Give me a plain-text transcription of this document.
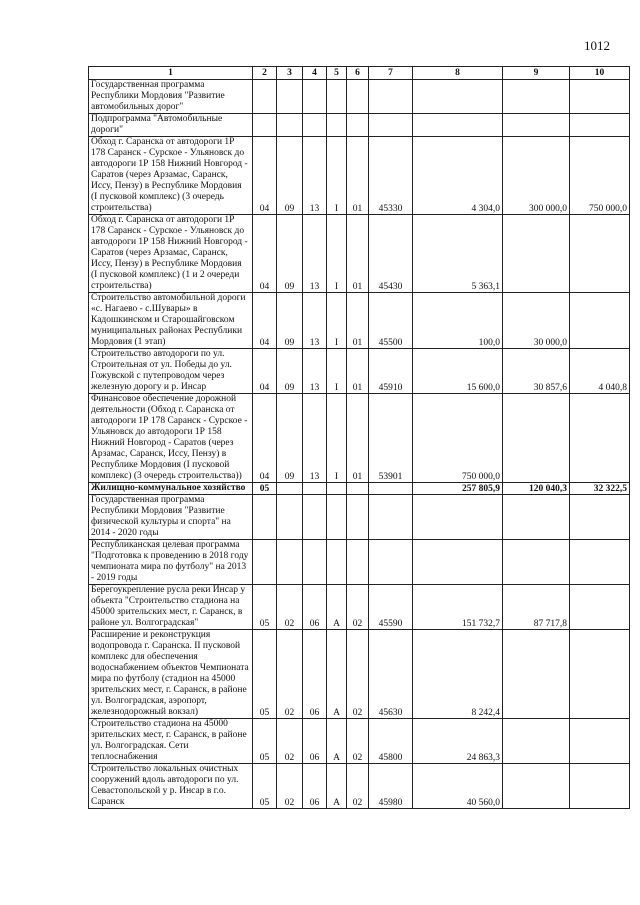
1012
1	2	3	4	5	6	7	8	9	10
Государственная программа Республики Мордовия "Развитие автомобильных дорог"									
Подпрограмма "Автомобильные дороги"									
Обход г. Саранска от автодороги 1Р 178 Саранск - Сурское - Ульяновск до автодороги 1Р 158 Нижний Новгород - Саратов (через Арзамас, Саранск, Иссу, Пензу) в Республике Мордовия (I пусковой комплекс) (3 очередь строительства)	04	09	13	I	01	45330	4 304,0	300 000,0	750 000,0
Обход г. Саранска от автодороги 1Р 178 Саранск - Сурское - Ульяновск до автодороги 1Р 158 Нижний Новгород - Саратов (через Арзамас, Саранск, Иссу, Пензу) в Республике Мордовия (I пусковой комплекс) (1 и 2 очереди строительства)	04	09	13	I	01	45430	5 363,1		
Строительство автомобильной дороги «с. Нагаево - с.Шувары» в Кадошкинском и Старошайговском муниципальных районах Республики Мордовия (1 этап)	04	09	13	I	01	45500	100,0	30 000,0	
Строительство автодороги по ул. Строительная от ул. Победы до ул. Гожувской с путепроводом через железную дорогу и р. Инсар	04	09	13	I	01	45910	15 600,0	30 857,6	4 040,8
Финансовое обеспечение дорожной деятельности (Обход г. Саранска от автодороги 1Р 178 Саранск - Сурское - Ульяновск до автодороги 1Р 158 Нижний Новгород - Саратов (через Арзамас, Саранск, Иссу, Пензу) в Республике Мордовия (I пусковой комплекс) (3 очередь строительства))	04	09	13	I	01	53901	750 000,0		
Жилищно-коммунальное хозяйство	05						257 805,9	120 040,3	32 322,5
Государственная программа Республики Мордовия "Развитие физической культуры и спорта" на 2014 - 2020 годы									
Республиканская целевая программа "Подготовка к проведению в 2018 году чемпионата мира по футболу" на 2013 - 2019 годы									
Берегоукрепление русла реки Инсар у объекта "Строительство стадиона на 45000 зрительских мест, г. Саранск, в районе ул. Волгоградская"	05	02	06	А	02	45590	151 732,7	87 717,8	
Расширение и реконструкция водопровода г. Саранска. II пусковой комплекс для обеспечения водоснабжением объектов Чемпионата мира по футболу (стадион на 45000 зрительских мест, г. Саранск, в районе ул. Волгоградская, аэропорт, железнодорожный вокзал)	05	02	06	А	02	45630	8 242,4		
Строительство стадиона на 45000 зрительских мест, г. Саранск, в районе ул. Волгоградская. Сети теплоснабжения	05	02	06	А	02	45800	24 863,3		
Строительство локальных очистных сооружений вдоль автодороги по ул. Севастопольской у р. Инсар в г.о. Саранск	05	02	06	А	02	45980	40 560,0		
